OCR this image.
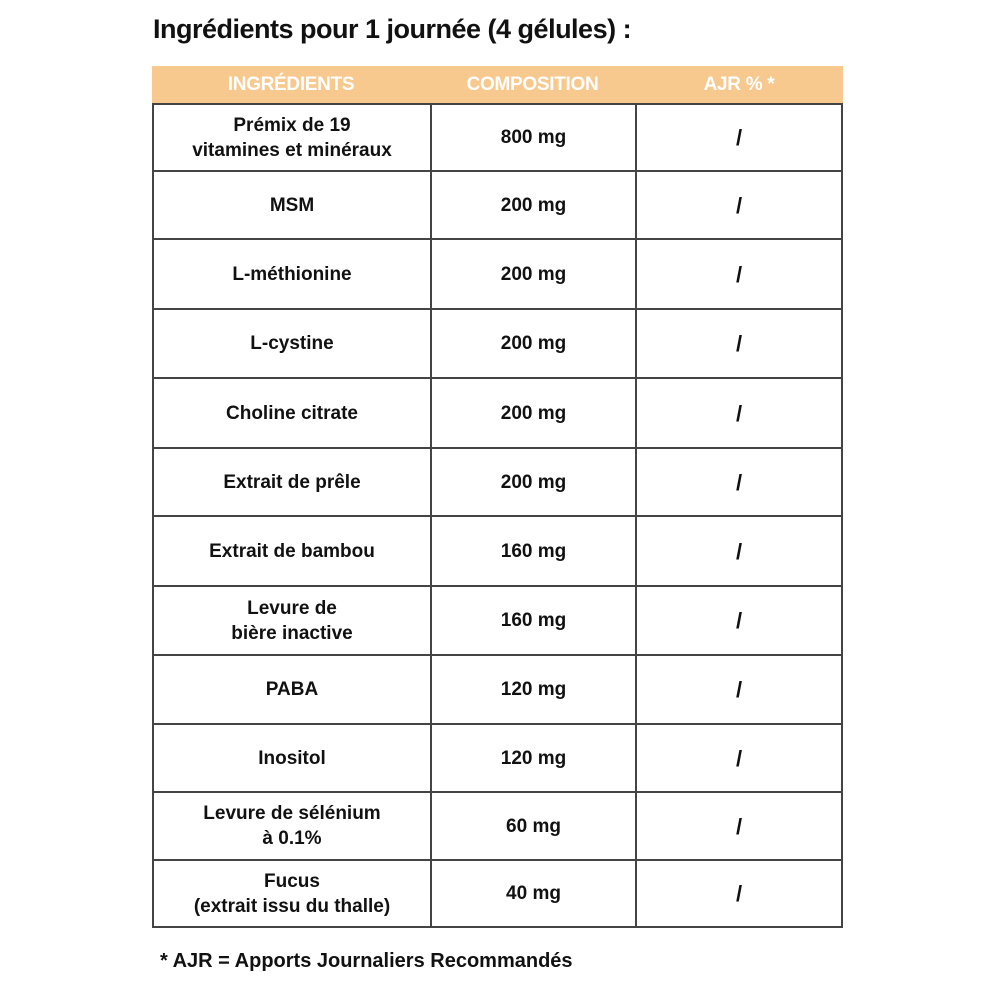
Ingrédients pour 1 journée (4 gélules) :
INGRÉDIENTS	COMPOSITION	AJR % *
Prémix de 19
vitamines et minéraux
800 mg	/
MSM	200 mg	/
L-méthionine	200 mg	/
L-cystine	200 mg	/
Choline citrate	200 mg	/
Extrait de prêle	200 mg	/
Extrait de bambou	160 mg	/
Levure de
bière inactive
160 mg	/
PABA	120 mg	/
Inositol	120 mg	/
Levure de sélénium
à 0.1%
60 mg	/
Fucus
(extrait issu du thalle)
40 mg	/
* AJR = Apports Journaliers Recommandés
